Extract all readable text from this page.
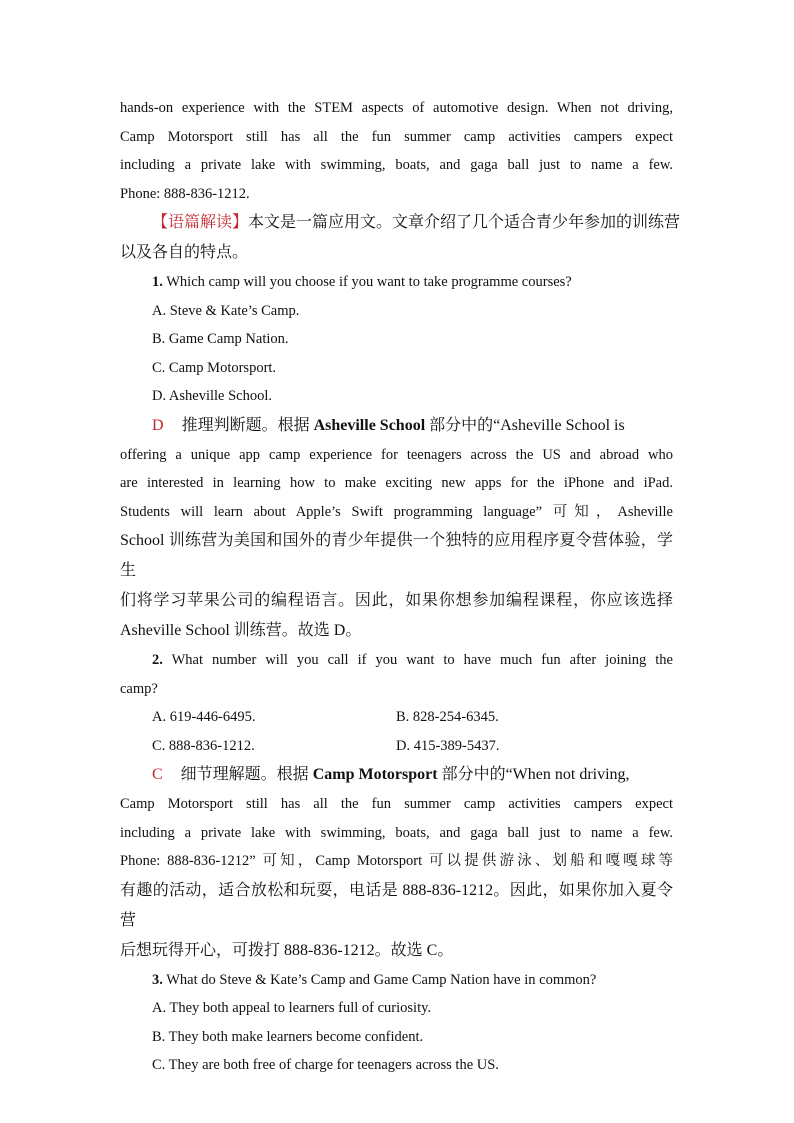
hands‑on experience with the STEM aspects of automotive design. When not driving,
Camp Motorsport still has all the fun summer camp activities campers expect
including a private lake with swimming, boats, and gaga ball just to name a few.
Phone: 888-836-1212.
【语篇解读】本文是一篇应用文。文章介绍了几个适合青少年参加的训练营
以及各自的特点。
1. Which camp will you choose if you want to take programme courses?
A. Steve & Kate’s Camp.
B. Game Camp Nation.
C. Camp Motorsport.
D. Asheville School.
D 推理判断题。根据 Asheville School 部分中的“Asheville School is
offering a unique app camp experience for teenagers across the US and abroad who
are interested in learning how to make exciting new apps for the iPhone and iPad.
Students will learn about Apple’s Swift programming language” 可知，Asheville
School 训练营为美国和国外的青少年提供一个独特的应用程序夏令营体验，学生
们将学习苹果公司的编程语言。因此，如果你想参加编程课程，你应该选择
Asheville School 训练营。故选 D。
2. What number will you call if you want to have much fun after joining the
camp?
A. 619‑446‑6495.	B. 828-254-6345.
C. 888‑836‑1212.	D. 415‑389‑5437.
C 细节理解题。根据 Camp Motorsport 部分中的“When not driving,
Camp Motorsport still has all the fun summer camp activities campers expect
including a private lake with swimming, boats, and gaga ball just to name a few.
Phone: 888-836-1212” 可知，Camp Motorsport 可以提供游泳、划船和嘎嘎球等
有趣的活动，适合放松和玩耍，电话是 888-836-1212。因此，如果你加入夏令营
后想玩得开心，可拨打 888-836-1212。故选 C。
3. What do Steve & Kate’s Camp and Game Camp Nation have in common?
A. They both appeal to learners full of curiosity.
B. They both make learners become confident.
C. They are both free of charge for teenagers across the US.
